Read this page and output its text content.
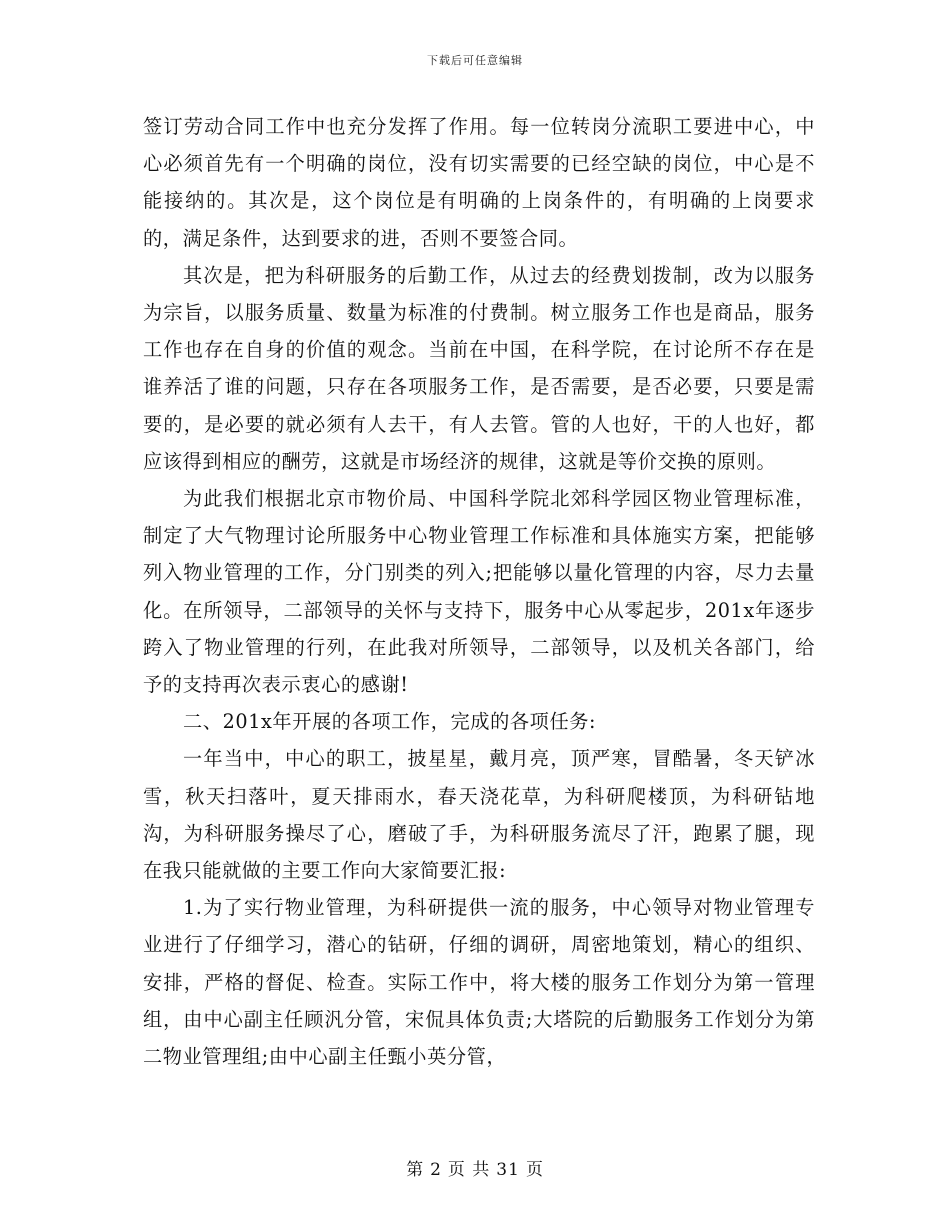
下载后可任意编辑

签订劳动合同工作中也充分发挥了作用。每一位转岗分流职工要进中心，中心必须首先有一个明确的岗位，没有切实需要的已经空缺的岗位，中心是不能接纳的。其次是，这个岗位是有明确的上岗条件的，有明确的上岗要求的，满足条件，达到要求的进，否则不要签合同。

其次是，把为科研服务的后勤工作，从过去的经费划拨制，改为以服务为宗旨，以服务质量、数量为标准的付费制。树立服务工作也是商品，服务工作也存在自身的价值的观念。当前在中国，在科学院，在讨论所不存在是谁养活了谁的问题，只存在各项服务工作，是否需要，是否必要，只要是需要的，是必要的就必须有人去干，有人去管。管的人也好，干的人也好，都应该得到相应的酬劳，这就是市场经济的规律，这就是等价交换的原则。

为此我们根据北京市物价局、中国科学院北郊科学园区物业管理标准，制定了大气物理讨论所服务中心物业管理工作标准和具体施实方案，把能够列入物业管理的工作，分门别类的列入;把能够以量化管理的内容，尽力去量化。在所领导，二部领导的关怀与支持下，服务中心从零起步，201x年逐步跨入了物业管理的行列，在此我对所领导，二部领导，以及机关各部门，给予的支持再次表示衷心的感谢!

二、201x年开展的各项工作，完成的各项任务:

一年当中，中心的职工，披星星，戴月亮，顶严寒，冒酷暑，冬天铲冰雪，秋天扫落叶，夏天排雨水，春天浇花草，为科研爬楼顶，为科研钻地沟，为科研服务操尽了心，磨破了手，为科研服务流尽了汗，跑累了腿，现在我只能就做的主要工作向大家简要汇报:

1.为了实行物业管理，为科研提供一流的服务，中心领导对物业管理专业进行了仔细学习，潜心的钻研，仔细的调研，周密地策划，精心的组织、安排，严格的督促、检查。实际工作中，将大楼的服务工作划分为第一管理组，由中心副主任顾汎分管，宋侃具体负责;大塔院的后勤服务工作划分为第二物业管理组;由中心副主任甄小英分管，

第 2 页 共 31 页
